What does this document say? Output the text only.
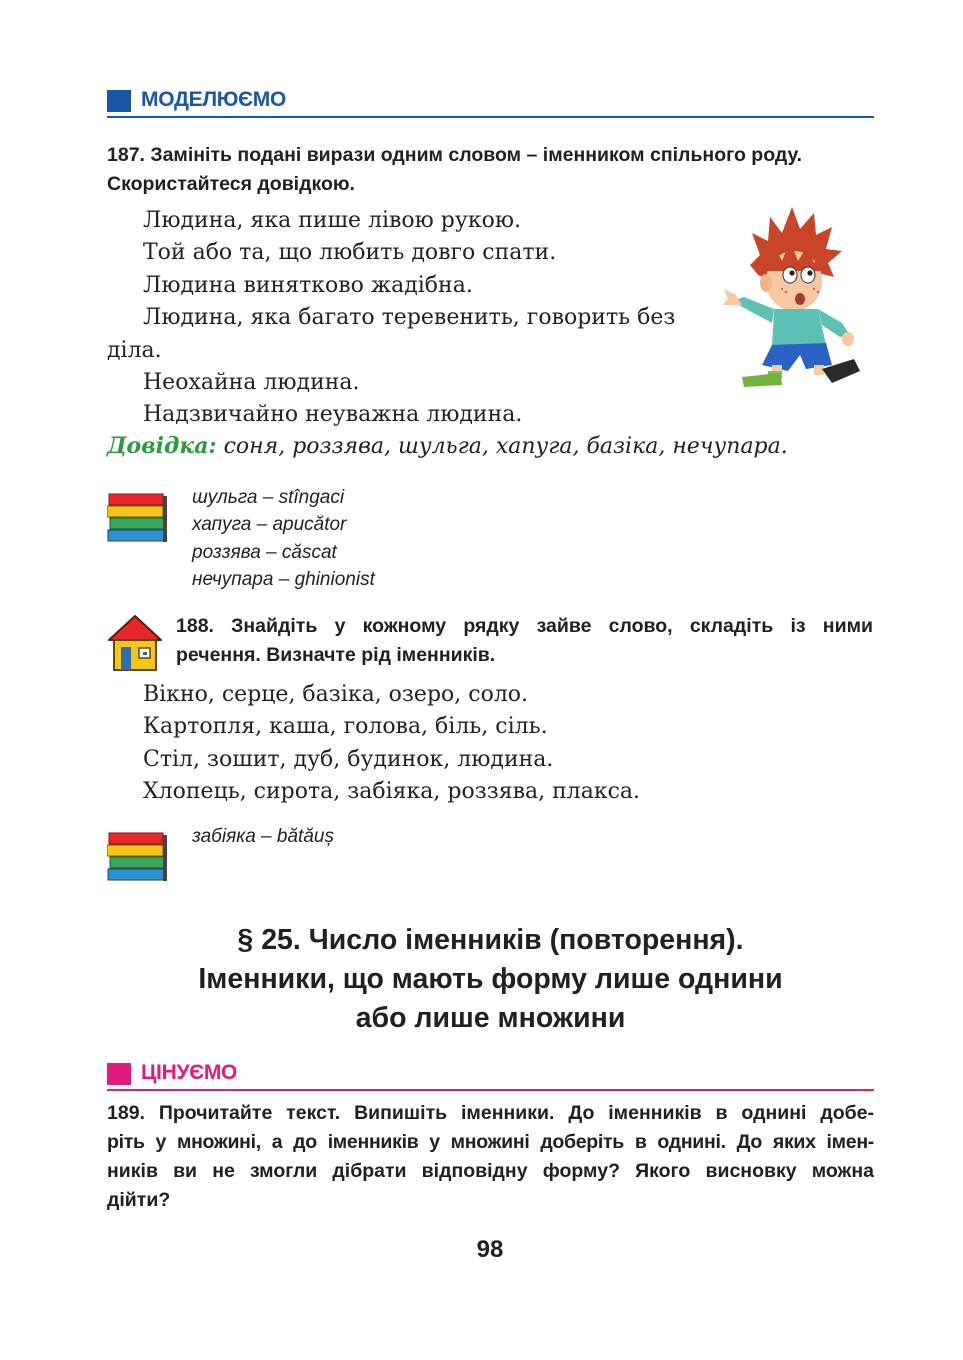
МОДЕЛЮЄМО
187. Замініть подані вирази одним словом – іменником спільного роду.
Скористайтеся довідкою.
Людина, яка пише лівою рукою.
Той або та, що любить довго спати.
Людина винятково жадібна.
Людина, яка багато теревенить, говорить без
діла.
Неохайна людина.
Надзвичайно неуважна людина.
Довідка: соня, роззява, шульга, хапуга, базіка, нечупара.
шульга – stîngaci
хапуга – apucător
роззява – căscat
нечупара – ghinionist
188. Знайдіть у кожному рядку зайве слово, складіть із ними
речення. Визначте рід іменників.
Вікно, серце, базіка, озеро, соло.
Картопля, каша, голова, біль, сіль.
Стіл, зошит, дуб, будинок, людина.
Хлопець, сирота, забіяка, роззява, плакса.
забіяка – bătăuș
§ 25. Число іменників (повторення).
Іменники, що мають форму лише однини
або лише множини
ЦІНУЄМО
189. Прочитайте текст. Випишіть іменники. До іменників в однині добе-
ріть у множині, а до іменників у множині доберіть в однині. До яких імен-
ників ви не змогли дібрати відповідну форму? Якого висновку можна
дійти?
98
